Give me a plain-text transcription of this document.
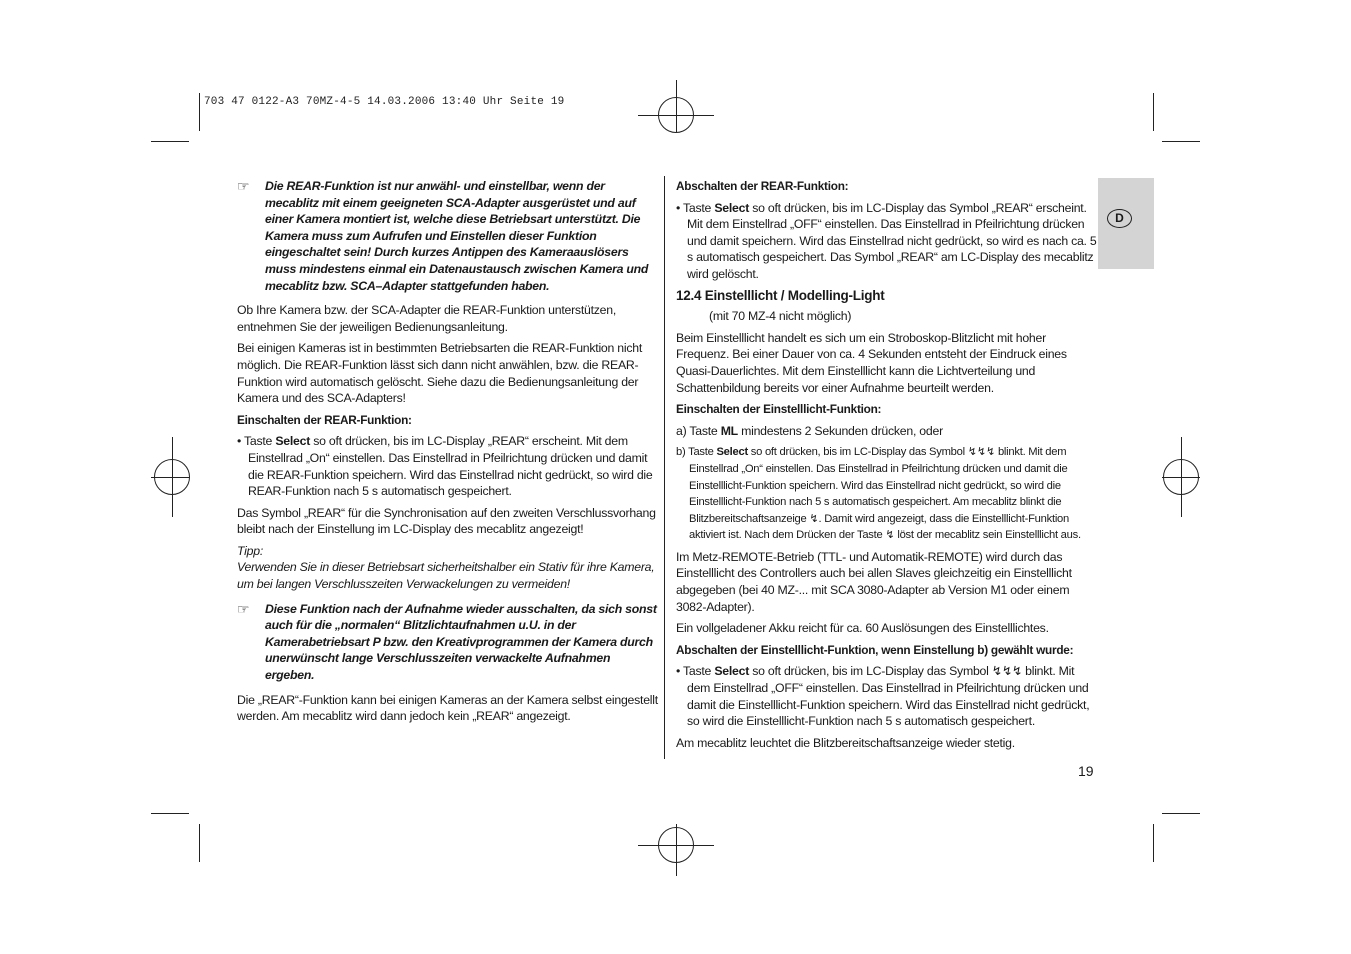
703 47 0122-A3 70MZ-4-5 14.03.2006 13:40 Uhr Seite 19
D
☞	Die REAR-Funktion ist nur anwähl- und einstellbar, wenn der mecablitz mit einem geeigneten SCA-Adapter ausgerüstet und auf einer Kamera montiert ist, welche diese Betriebsart unterstützt. Die Kamera muss zum Aufrufen und Einstellen dieser Funktion eingeschaltet sein! Durch kurzes Antippen des Kameraauslösers muss mindestens einmal ein Datenaustausch zwischen Kamera und mecablitz bzw. SCA–Adapter stattgefunden haben.

Ob Ihre Kamera bzw. der SCA-Adapter die REAR-Funktion unterstützen, entnehmen Sie der jeweiligen Bedienungsanleitung.

Bei einigen Kameras ist in bestimmten Betriebsarten die REAR-Funktion nicht möglich. Die REAR-Funktion lässt sich dann nicht anwählen, bzw. die REAR-Funktion wird automatisch gelöscht. Siehe dazu die Bedienungsanleitung der Kamera und des SCA-Adapters!

Einschalten der REAR-Funktion:

• Taste Select so oft drücken, bis im LC-Display „REAR“ erscheint. Mit dem Einstellrad „On“ einstellen. Das Einstellrad in Pfeilrichtung drücken und damit die REAR-Funktion speichern. Wird das Einstellrad nicht gedrückt, so wird die REAR-Funktion nach 5 s automatisch gespeichert.

Das Symbol „REAR“ für die Synchronisation auf den zweiten Verschlussvorhang bleibt nach der Einstellung im LC-Display des mecablitz angezeigt!

Tipp:

Verwenden Sie in dieser Betriebsart sicherheitshalber ein Stativ für ihre Kamera, um bei langen Verschlusszeiten Verwackelungen zu vermeiden!

☞	Diese Funktion nach der Aufnahme wieder ausschalten, da sich sonst auch für die „normalen“ Blitzlichtaufnahmen u.U. in der Kamerabetriebsart P bzw. den Kreativprogrammen der Kamera durch unerwünscht lange Verschlusszeiten verwackelte Aufnahmen ergeben.

Die „REAR“-Funktion kann bei einigen Kameras an der Kamera selbst eingestellt werden. Am mecablitz wird dann jedoch kein „REAR“ angezeigt.

Abschalten der REAR-Funktion:

• Taste Select so oft drücken, bis im LC-Display das Symbol „REAR“ erscheint. Mit dem Einstellrad „OFF“ einstellen. Das Einstellrad in Pfeilrichtung drücken und damit speichern. Wird das Einstellrad nicht gedrückt, so wird es nach ca. 5 s automatisch gespeichert. Das Symbol „REAR“ am LC-Display des mecablitz wird gelöscht.

12.4 Einstelllicht / Modelling-Light

(mit 70 MZ-4 nicht möglich)

Beim Einstelllicht handelt es sich um ein Stroboskop-Blitzlicht mit hoher Frequenz. Bei einer Dauer von ca. 4 Sekunden entsteht der Eindruck eines Quasi-Dauerlichtes. Mit dem Einstelllicht kann die Lichtverteilung und Schattenbildung bereits vor einer Aufnahme beurteilt werden.

Einschalten der Einstelllicht-Funktion:

a) Taste ML mindestens 2 Sekunden drücken, oder

b) Taste Select so oft drücken, bis im LC-Display das Symbol ↯↯↯ blinkt. Mit dem Einstellrad „On“ einstellen. Das Einstellrad in Pfeilrichtung drücken und damit die Einstelllicht-Funktion speichern. Wird das Einstellrad nicht gedrückt, so wird die Einstelllicht-Funktion nach 5 s automatisch gespeichert. Am mecablitz blinkt die Blitzbereitschaftsanzeige ↯. Damit wird angezeigt, dass die Einstelllicht-Funktion aktiviert ist. Nach dem Drücken der Taste ↯ löst der mecablitz sein Einstelllicht aus.

Im Metz-REMOTE-Betrieb (TTL- und Automatik-REMOTE) wird durch das Einstelllicht des Controllers auch bei allen Slaves gleichzeitig ein Einstelllicht abgegeben (bei 40 MZ-... mit SCA 3080-Adapter ab Version M1 oder einem 3082-Adapter).

Ein vollgeladener Akku reicht für ca. 60 Auslösungen des Einstelllichtes.

Abschalten der Einstelllicht-Funktion, wenn Einstellung b) gewählt wurde:

• Taste Select so oft drücken, bis im LC-Display das Symbol ↯↯↯ blinkt. Mit dem Einstellrad „OFF“ einstellen. Das Einstellrad in Pfeilrichtung drücken und damit die Einstelllicht-Funktion speichern. Wird das Einstellrad nicht gedrückt, so wird die Einstelllicht-Funktion nach 5 s automatisch gespeichert.

Am mecablitz leuchtet die Blitzbereitschaftsanzeige wieder stetig.

19
